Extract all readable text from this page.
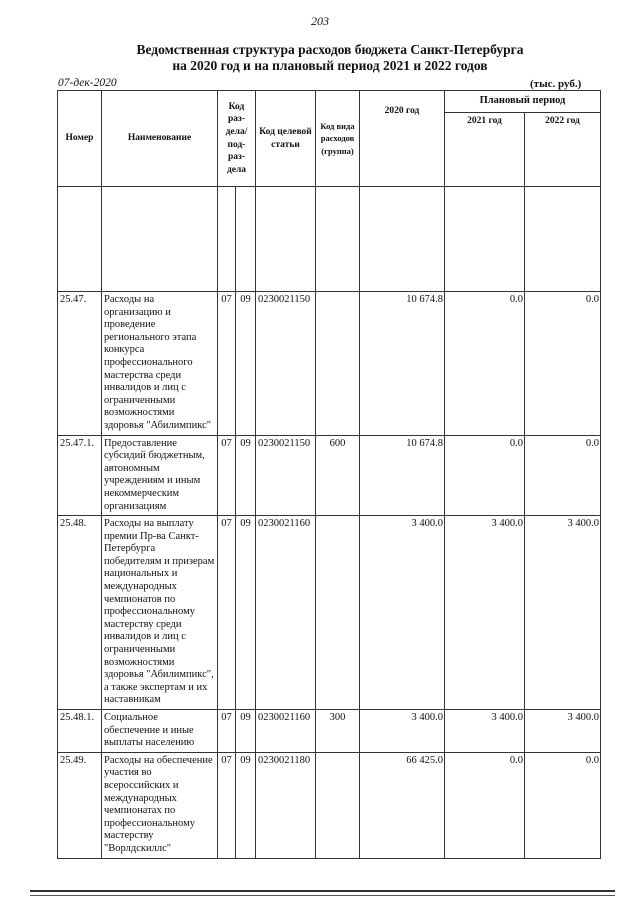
203
Ведомственная структура расходов бюджета Санкт-Петербурга
на 2020 год и на плановый период 2021 и 2022 годов
07-дек-2020	(тыс. руб.)
Номер	Наименование	Код раз-дела/ под-раз-дела		Код целевой статьи	Код вида расходов (группа)	2020 год	Плановый период	
							2021 год	2022 год

25.47.	Расходы на организацию и проведение регионального этапа конкурса профессионального мастерства среди инвалидов и лиц с ограниченными возможностями здоровья "Абилимпикс"	07	09	0230021150		10 674.8	0.0	0.0
25.47.1.	Предоставление субсидий бюджетным, автономным учреждениям и иным некоммерческим организациям	07	09	0230021150	600	10 674.8	0.0	0.0
25.48.	Расходы на выплату премии Пр-ва Санкт-Петербурга победителям и призерам национальных и международных чемпионатов по профессиональному мастерству среди инвалидов и лиц с ограниченными возможностями здоровья "Абилимпикс", а также экспертам и их наставникам	07	09	0230021160		3 400.0	3 400.0	3 400.0
25.48.1.	Социальное обеспечение и иные выплаты населению	07	09	0230021160	300	3 400.0	3 400.0	3 400.0
25.49.	Расходы на обеспечение участия во всероссийских и международных чемпионатах по профессиональному мастерству "Ворлдскиллс"	07	09	0230021180		66 425.0	0.0	0.0
